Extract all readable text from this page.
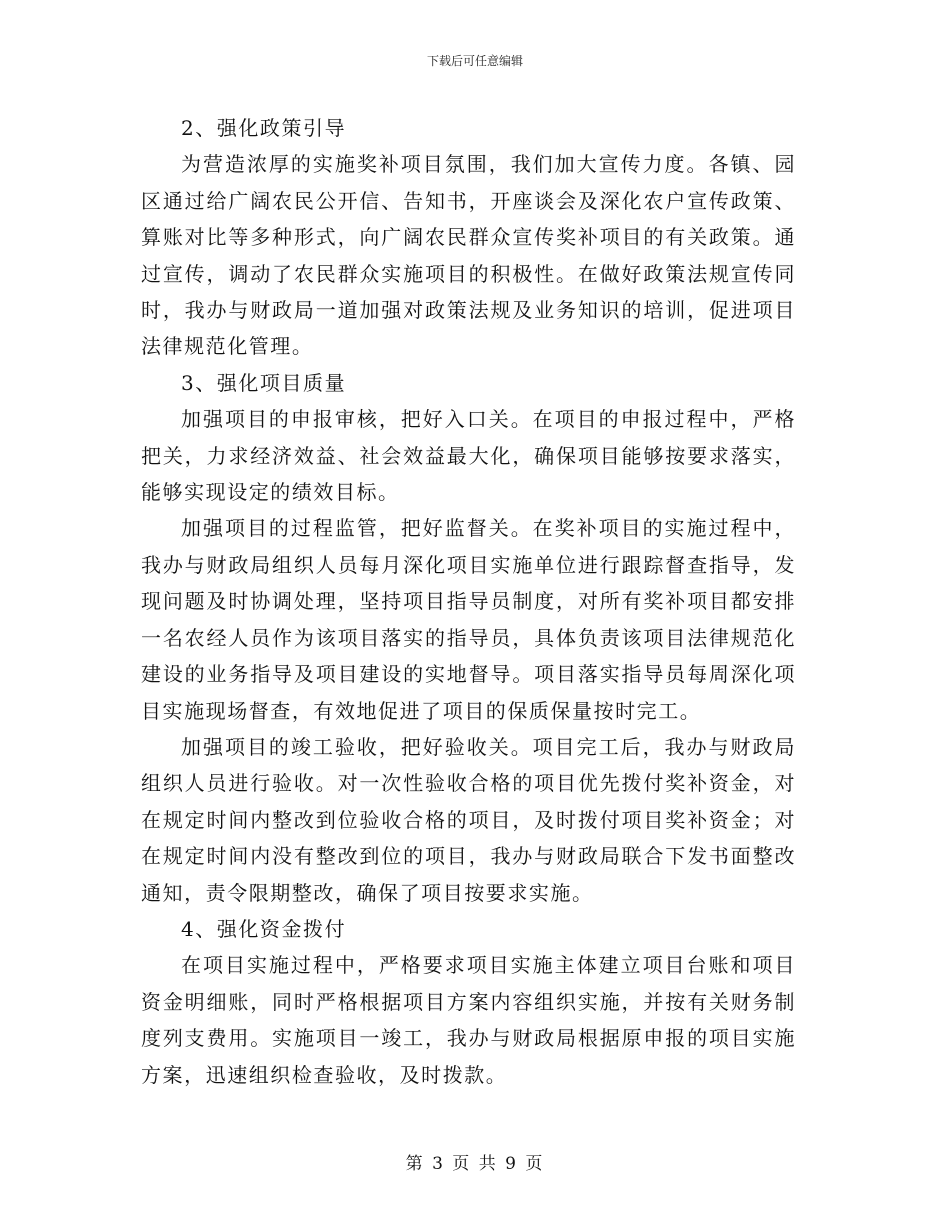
下载后可任意编辑

2、强化政策引导

为营造浓厚的实施奖补项目氛围，我们加大宣传力度。各镇、园区通过给广阔农民公开信、告知书，开座谈会及深化农户宣传政策、算账对比等多种形式，向广阔农民群众宣传奖补项目的有关政策。通过宣传，调动了农民群众实施项目的积极性。在做好政策法规宣传同时，我办与财政局一道加强对政策法规及业务知识的培训，促进项目法律规范化管理。

3、强化项目质量

加强项目的申报审核，把好入口关。在项目的申报过程中，严格把关，力求经济效益、社会效益最大化，确保项目能够按要求落实，能够实现设定的绩效目标。

加强项目的过程监管，把好监督关。在奖补项目的实施过程中，我办与财政局组织人员每月深化项目实施单位进行跟踪督查指导，发现问题及时协调处理，坚持项目指导员制度，对所有奖补项目都安排一名农经人员作为该项目落实的指导员，具体负责该项目法律规范化建设的业务指导及项目建设的实地督导。项目落实指导员每周深化项目实施现场督查，有效地促进了项目的保质保量按时完工。

加强项目的竣工验收，把好验收关。项目完工后，我办与财政局组织人员进行验收。对一次性验收合格的项目优先拨付奖补资金，对在规定时间内整改到位验收合格的项目，及时拨付项目奖补资金；对在规定时间内没有整改到位的项目，我办与财政局联合下发书面整改通知，责令限期整改，确保了项目按要求实施。

4、强化资金拨付

在项目实施过程中，严格要求项目实施主体建立项目台账和项目资金明细账，同时严格根据项目方案内容组织实施，并按有关财务制度列支费用。实施项目一竣工，我办与财政局根据原申报的项目实施方案，迅速组织检查验收，及时拨款。

第 3 页 共 9 页
